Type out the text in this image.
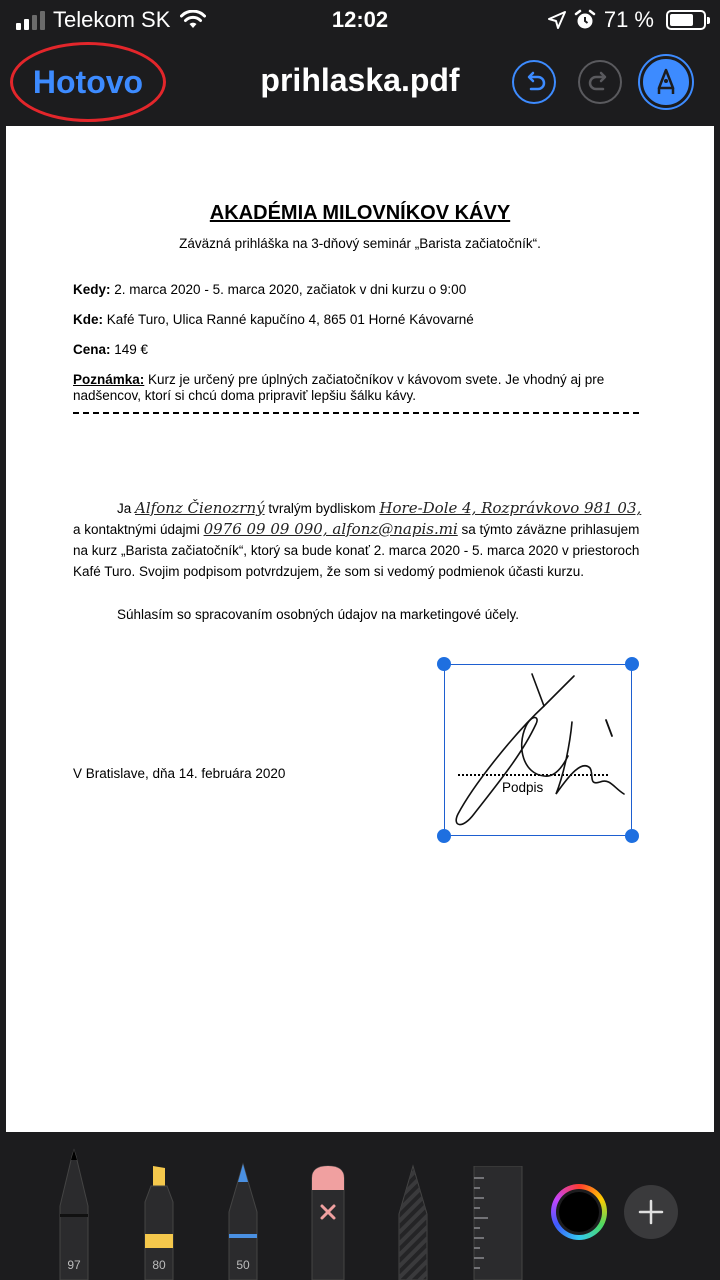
Telekom SK	12:02	71 %
Hotovo	prihlaska.pdf
AKADÉMIA MILOVNÍKOV KÁVY
Záväzná prihláška na 3-dňový seminár „Barista začiatočník“.
Kedy: 2. marca 2020 - 5. marca 2020, začiatok v dni kurzu o 9:00
Kde: Kafé Turo, Ulica Ranné kapučíno 4, 865 01 Horné Kávovarné
Cena: 149 €
Poznámka: Kurz je určený pre úplných začiatočníkov v kávovom svete. Je vhodný aj pre nadšencov, ktorí si chcú doma pripraviť lepšiu šálku kávy.
Ja Alfonz Čienozrný tvralým bydliskom Hore-Dole 4, Rozprávkovo 981 03, a kontaktnými údajmi 0976 09 09 090, alfonz@napis.mi sa týmto záväzne prihlasujem na kurz „Barista začiatočník“, ktorý sa bude konať 2. marca 2020 - 5. marca 2020 v priestoroch Kafé Turo. Svojim podpisom potvrdzujem, že som si vedomý podmienok účasti kurzu.
Súhlasím so spracovaním osobných údajov na marketingové účely.
V Bratislave, dňa 14. februára 2020
Podpis
97	80	50
